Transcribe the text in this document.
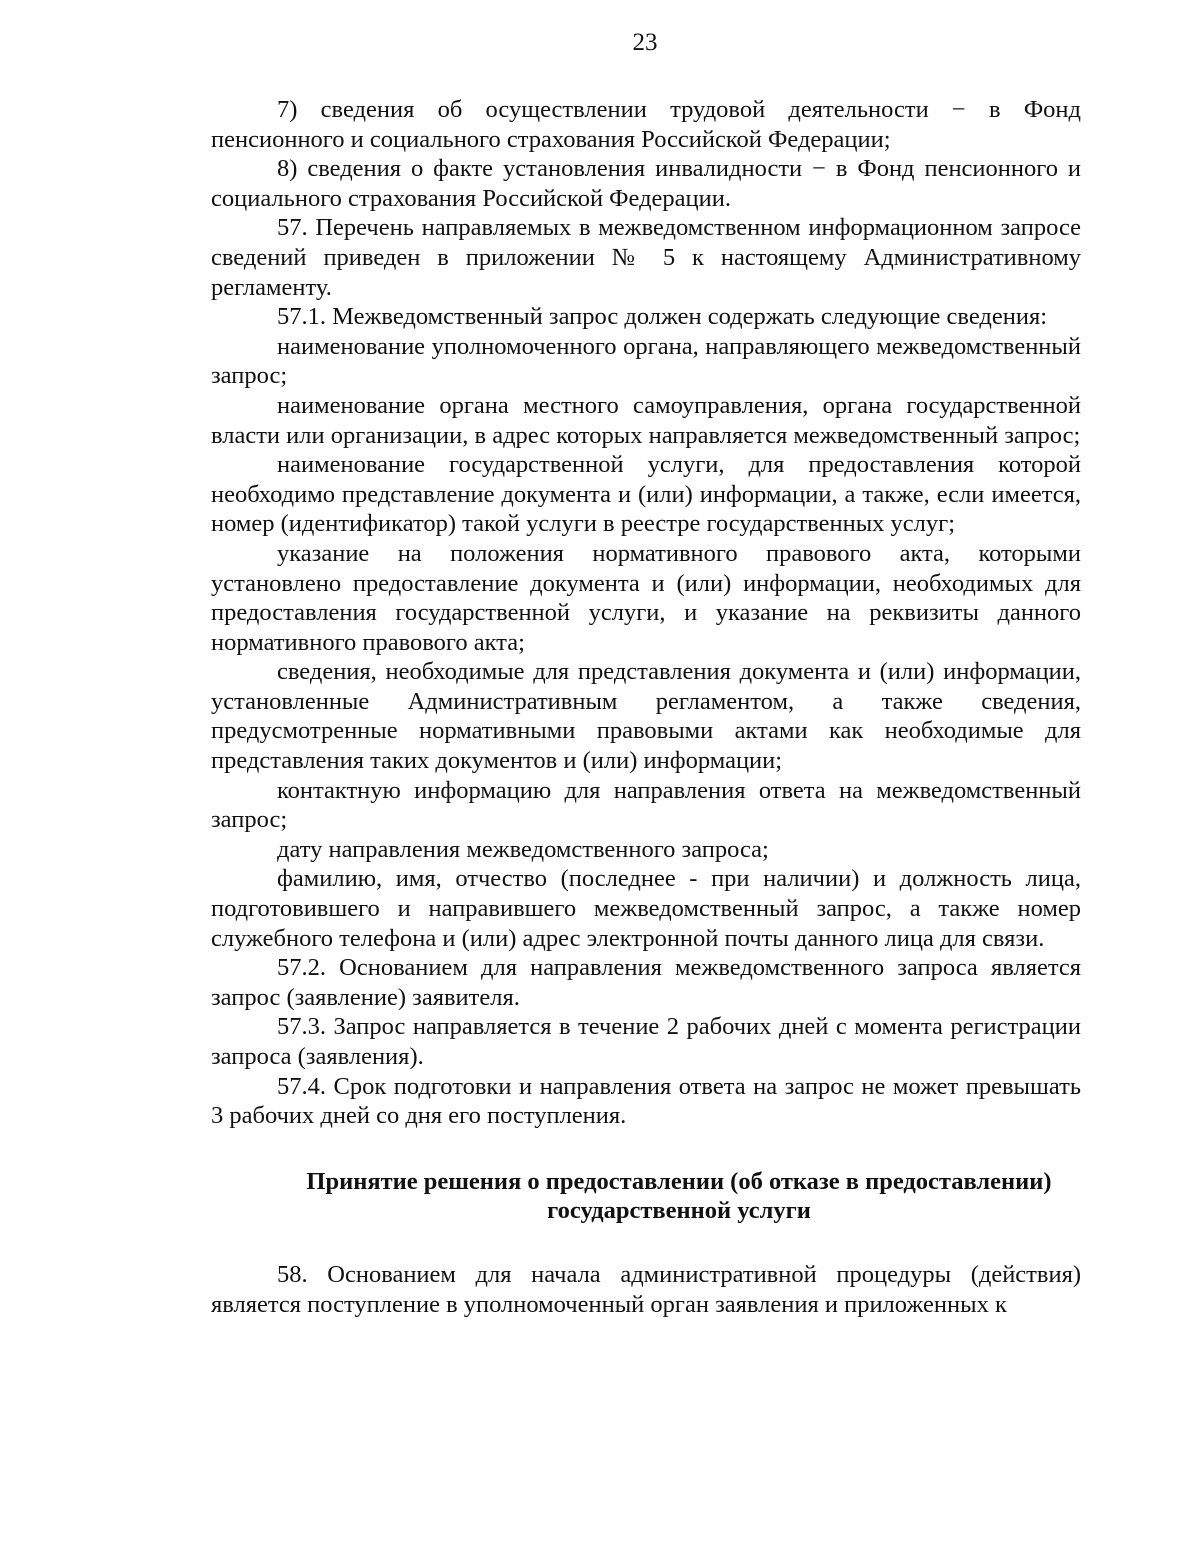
23

7) сведения об осуществлении трудовой деятельности − в Фонд пенсионного и социального страхования Российской Федерации;

8) сведения о факте установления инвалидности − в Фонд пенсионного и социального страхования Российской Федерации.

57. Перечень направляемых в межведомственном информационном запросе сведений приведен в приложении № 5 к настоящему Административному регламенту.

57.1. Межведомственный запрос должен содержать следующие сведения:

наименование уполномоченного органа, направляющего межведомственный запрос;

наименование органа местного самоуправления, органа государственной власти или организации, в адрес которых направляется межведомственный запрос;

наименование государственной услуги, для предоставления которой необходимо представление документа и (или) информации, а также, если имеется, номер (идентификатор) такой услуги в реестре государственных услуг;

указание на положения нормативного правового акта, которыми установлено предоставление документа и (или) информации, необходимых для предоставления государственной услуги, и указание на реквизиты данного нормативного правового акта;

сведения, необходимые для представления документа и (или) информации, установленные Административным регламентом, а также сведения, предусмотренные нормативными правовыми актами как необходимые для представления таких документов и (или) информации;

контактную информацию для направления ответа на межведомственный запрос;

дату направления межведомственного запроса;

фамилию, имя, отчество (последнее - при наличии) и должность лица, подготовившего и направившего межведомственный запрос, а также номер служебного телефона и (или) адрес электронной почты данного лица для связи.

57.2. Основанием для направления межведомственного запроса является запрос (заявление) заявителя.

57.3. Запрос направляется в течение 2 рабочих дней с момента регистрации запроса (заявления).

57.4. Срок подготовки и направления ответа на запрос не может превышать 3 рабочих дней со дня его поступления.

Принятие решения о предоставлении (об отказе в предоставлении)
государственной услуги

58. Основанием для начала административной процедуры (действия) является поступление в уполномоченный орган заявления и приложенных к
